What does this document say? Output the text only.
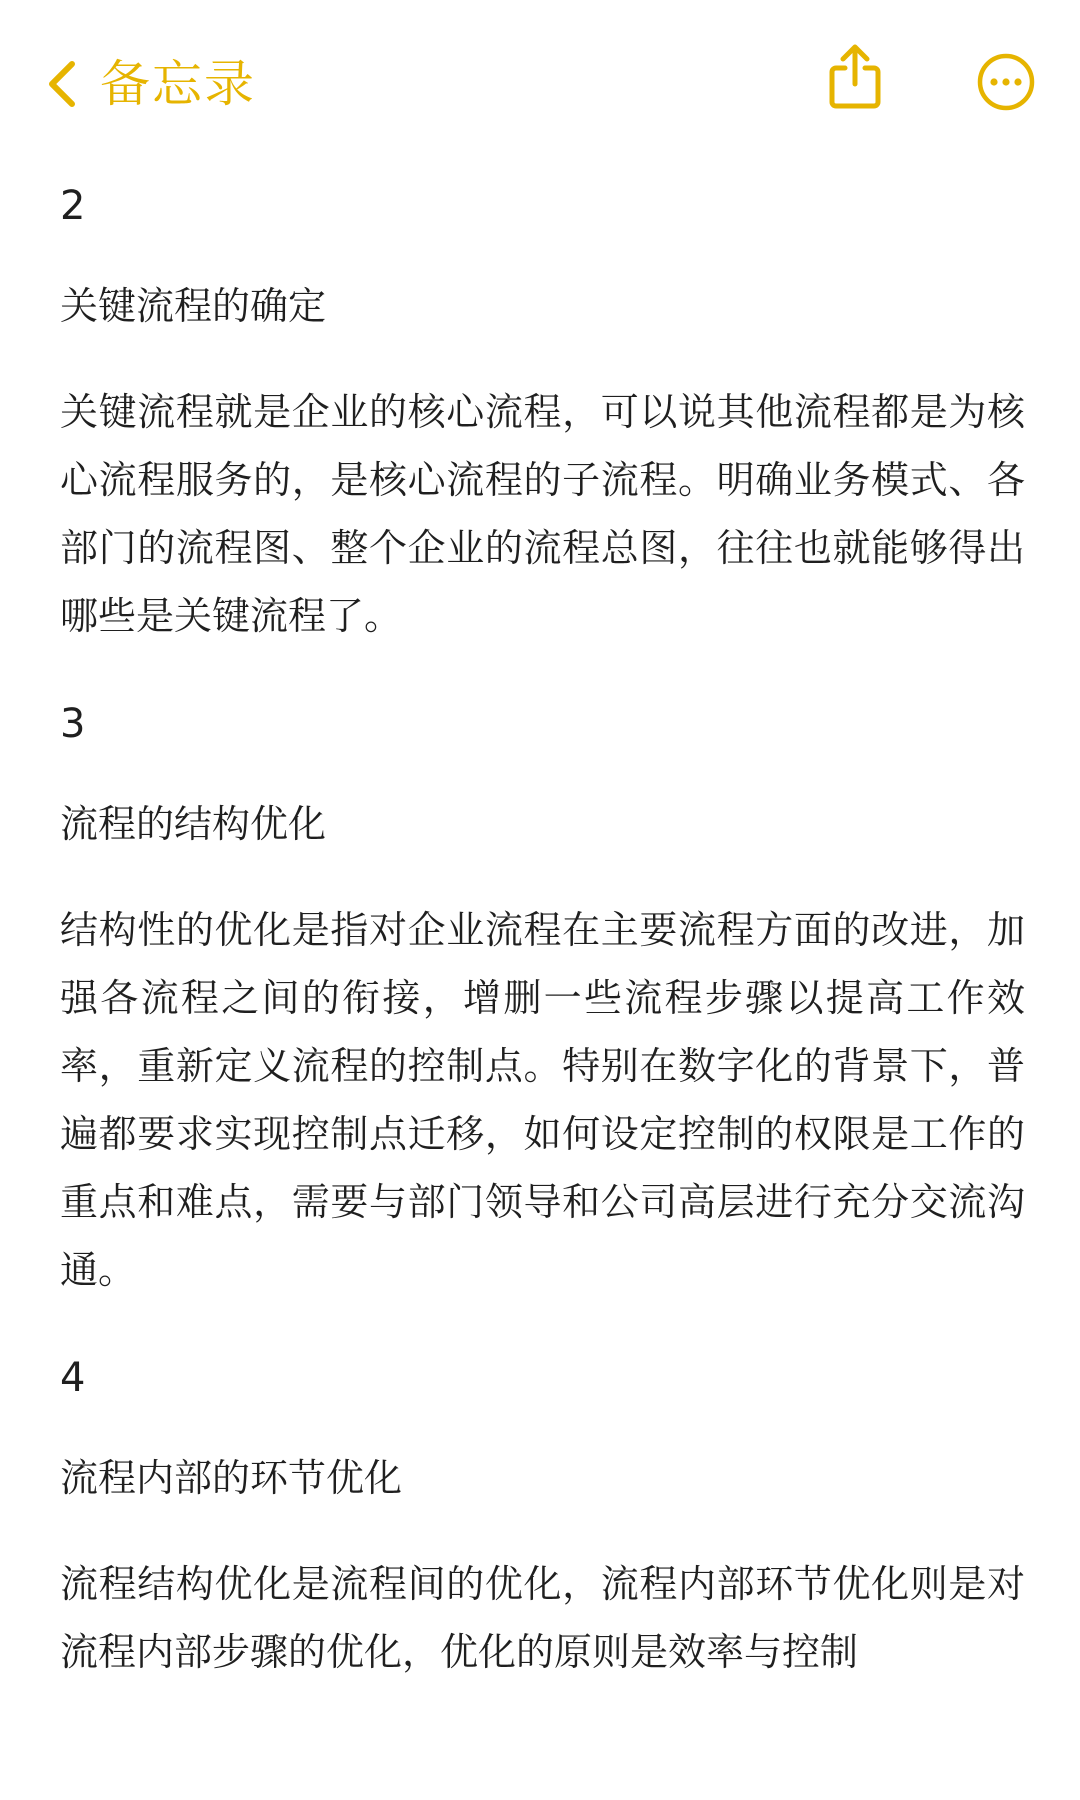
备忘录

2

关键流程的确定

关键流程就是企业的核心流程，可以说其他流程都是为核心流程服务的，是核心流程的子流程。明确业务模式、各部门的流程图、整个企业的流程总图，往往也就能够得出哪些是关键流程了。

3

流程的结构优化

结构性的优化是指对企业流程在主要流程方面的改进，加强各流程之间的衔接，增删一些流程步骤以提高工作效率，重新定义流程的控制点。特别在数字化的背景下，普遍都要求实现控制点迁移，如何设定控制的权限是工作的重点和难点，需要与部门领导和公司高层进行充分交流沟通。

4

流程内部的环节优化

流程结构优化是流程间的优化，流程内部环节优化则是对流程内部步骤的优化，优化的原则是效率与控制
